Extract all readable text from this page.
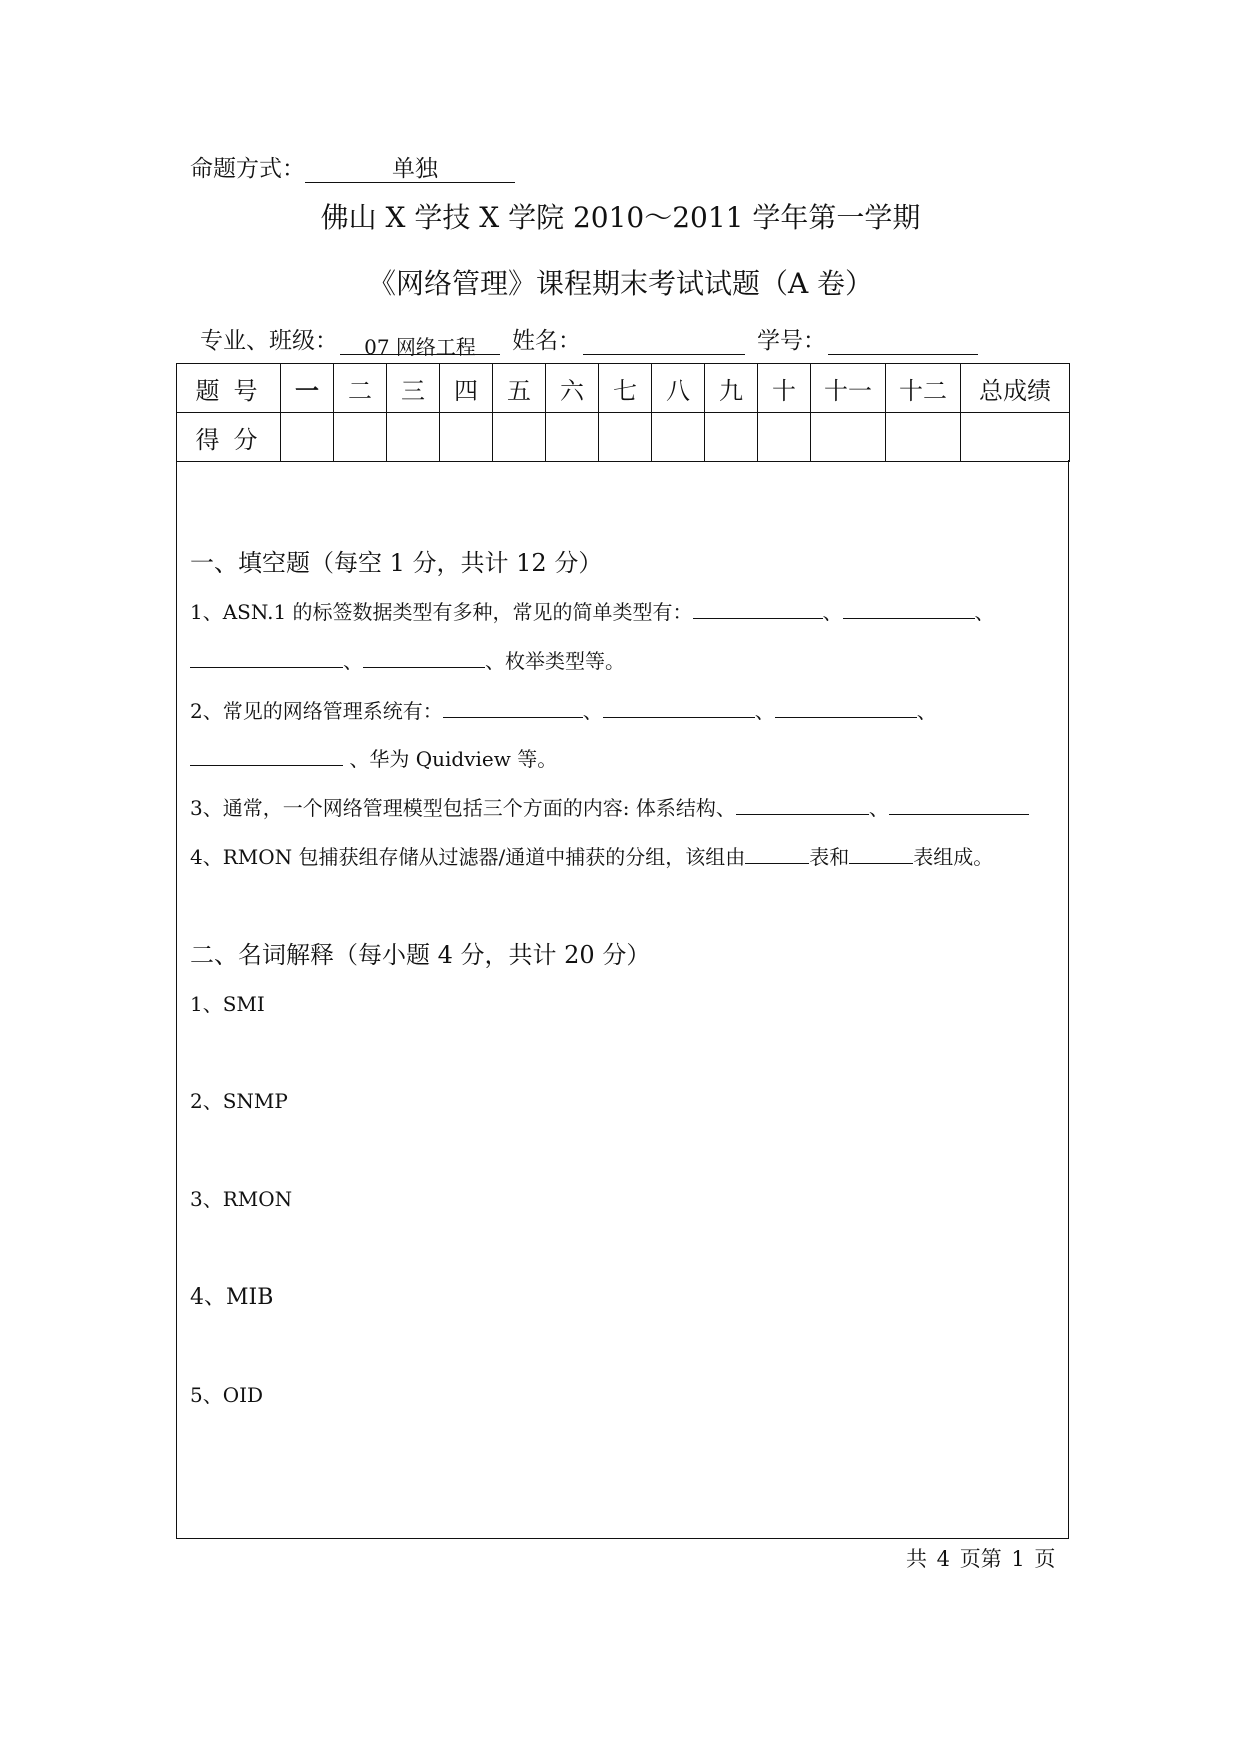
命题方式：	单独
佛山 X 学技 X 学院 2010～2011 学年第一学期
《网络管理》课程期末考试试题（A 卷）
专业、班级： 07 网络工程 姓名：	学号：
题号	一	二	三	四	五	六	七	八	九	十	十一	十二	总成绩
得分													
一、填空题（每空 1 分，共计 12 分）
1、ASN.1 的标签数据类型有多种，常见的简单类型有：	、	、
、	、枚举类型等。
2、常见的网络管理系统有：	、	、	、
、华为 Quidview 等。
3、通常，一个网络管理模型包括三个方面的内容: 体系结构、	、
4、RMON 包捕获组存储从过滤器/通道中捕获的分组，该组由	表和	表组成。
二、名词解释（每小题 4 分，共计 20 分）
1、SMI
2、SNMP
3、RMON
4、MIB
5、OID
共 4 页第 1 页
